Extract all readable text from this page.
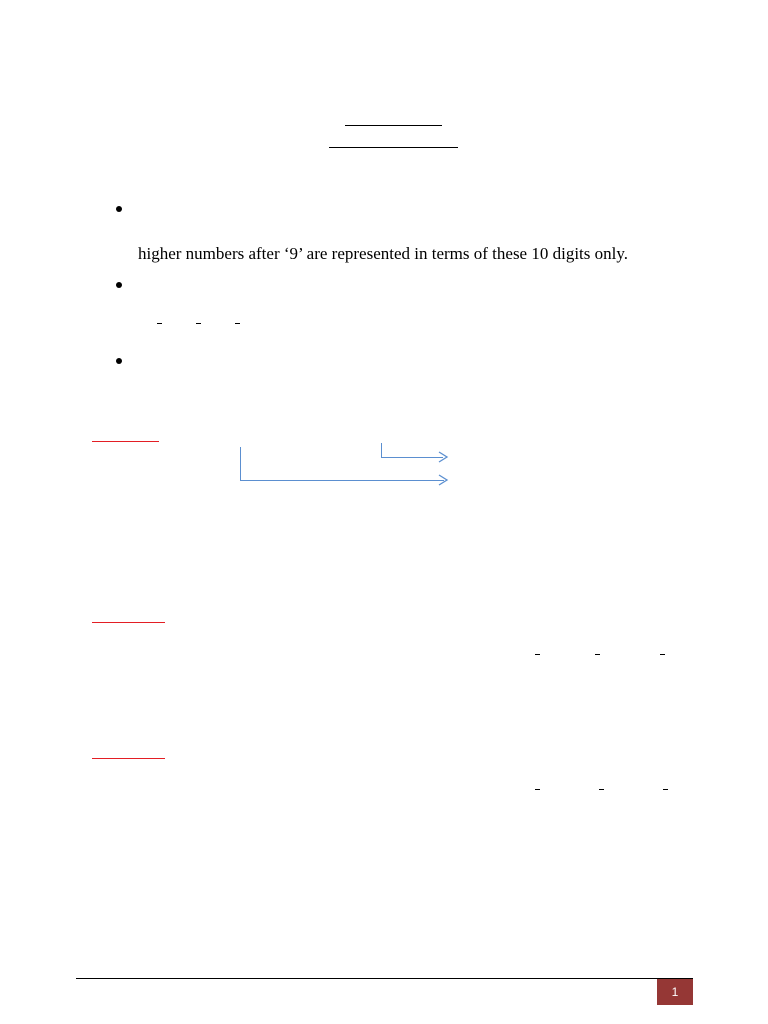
higher numbers after ‘9’ are represented in terms of these 10 digits only.
1
